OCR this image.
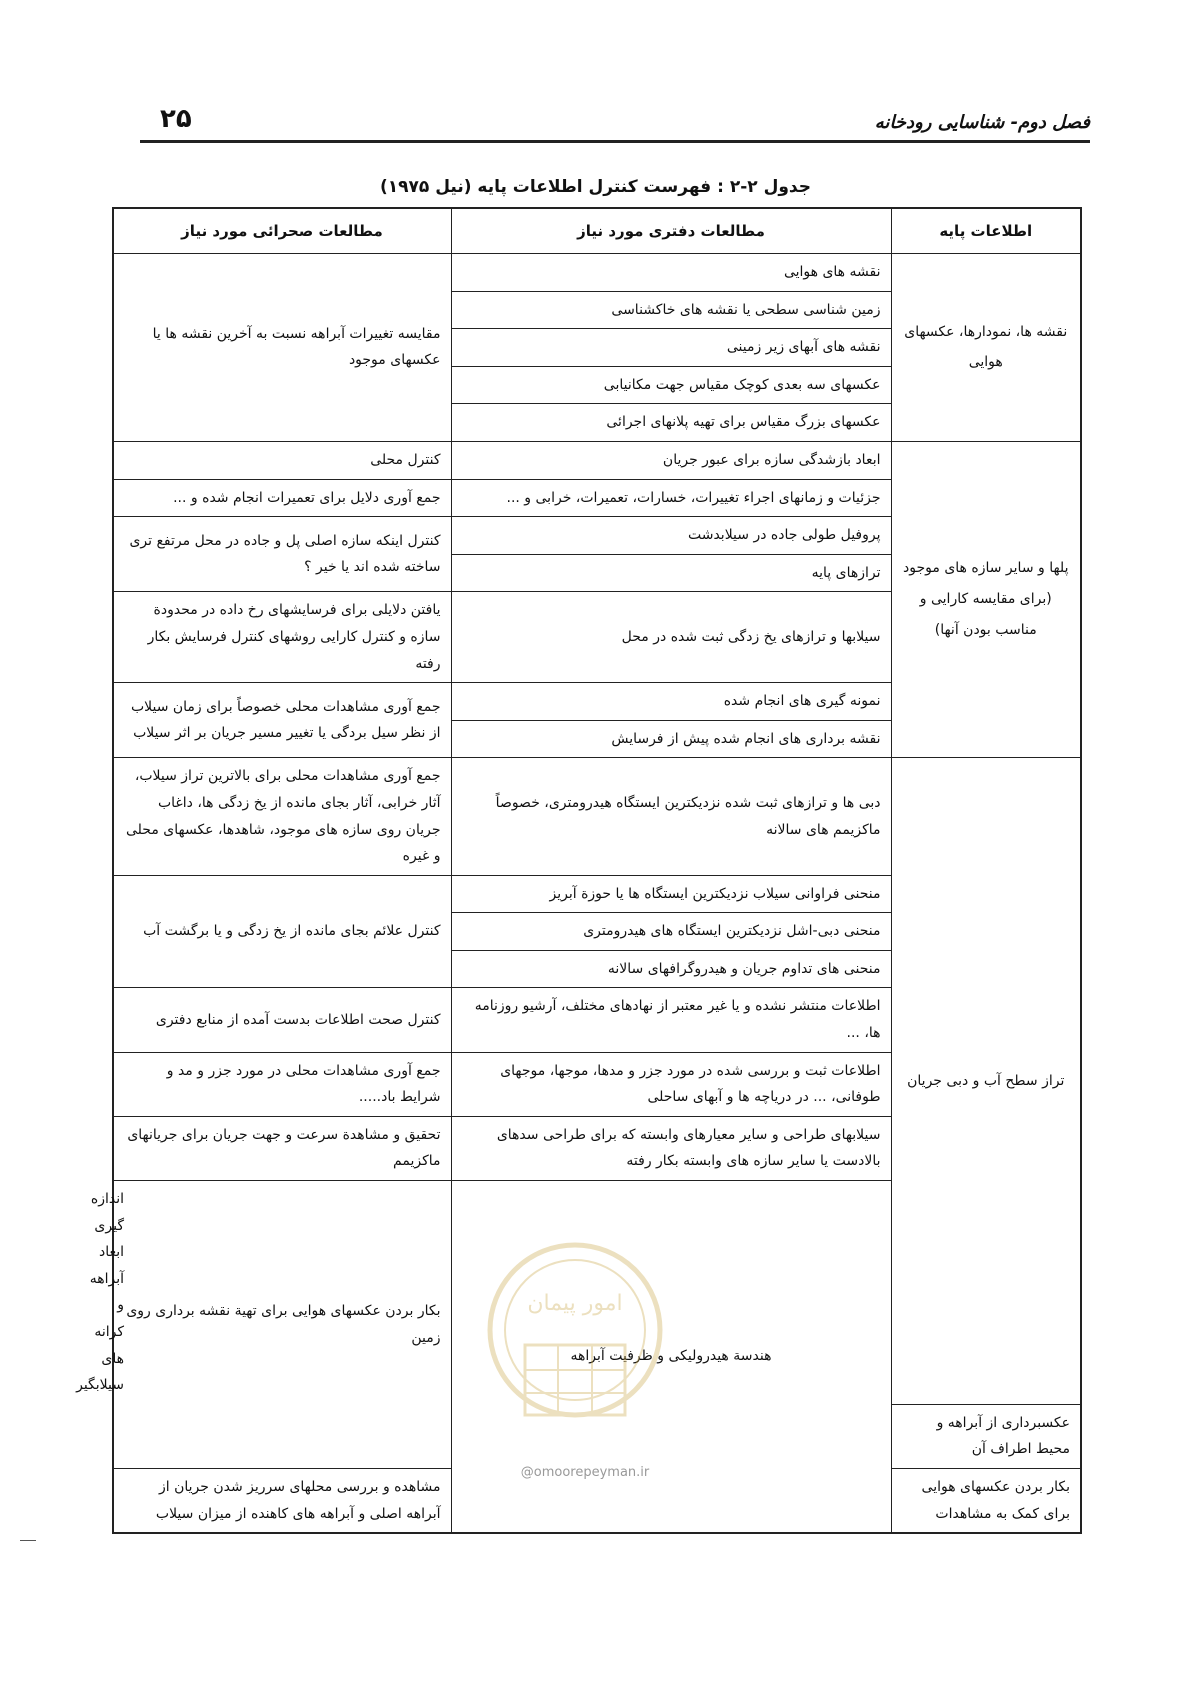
فصل دوم- شناسایی رودخانه
۲۵
جدول ۲-۲ : فهرست کنترل اطلاعات پایه (نیل ۱۹۷۵)
اطلاعات پایه	مطالعات دفتری مورد نیاز	مطالعات صحرائی مورد نیاز	
نقشه ها، نمودارها، عکسهای هوایی	نقشه های هوایی	مقایسه تغییرات آبراهه نسبت به آخرین نقشه ها یا عکسهای موجود	
	زمین شناسی سطحی یا نقشه های خاکشناسی		
	نقشه های آبهای زیر زمینی		
	عکسهای سه بعدی کوچک مقیاس جهت مکانیابی		
	عکسهای بزرگ مقیاس برای تهیه پلانهای اجرائی		
پلها و سایر سازه های موجود (برای مقایسه کارایی و مناسب بودن آنها)	ابعاد بازشدگی سازه برای عبور جریان	کنترل محلی	
	جزئیات و زمانهای اجراء تغییرات، خسارات، تعمیرات، خرابی و ...	جمع آوری دلایل برای تعمیرات انجام شده و ...	
	پروفیل طولی جاده در سیلابدشت	کنترل اینکه سازه اصلی پل و جاده در محل مرتفع تری ساخته شده اند یا خیر ؟	
	ترازهای پایه		
	سیلابها و ترازهای یخ زدگی ثبت شده در محل	یافتن دلایلی برای فرسایشهای رخ داده در محدودة سازه و کنترل کارایی روشهای کنترل فرسایش بکار رفته	
	نمونه گیری های انجام شده	جمع آوری مشاهدات محلی خصوصاً برای زمان سیلاب از نظر سیل بردگی یا تغییر مسیر جریان بر اثر سیلاب	
	نقشه برداری های انجام شده پیش از فرسایش		
تراز سطح آب و دبی جریان	دبی ها و ترازهای ثبت شده نزدیکترین ایستگاه هیدرومتری، خصوصاً ماکزیمم های سالانه	جمع آوری مشاهدات محلی برای بالاترین تراز سیلاب، آثار خرابی، آثار بجای مانده از یخ زدگی ها، داغاب جریان روی سازه های موجود، شاهدها، عکسهای محلی و غیره	
	منحنی فراوانی سیلاب نزدیکترین ایستگاه ها یا حوزة آبریز	کنترل علائم بجای مانده از یخ زدگی و یا برگشت آب	
	منحنی دبی-اشل نزدیکترین ایستگاه های هیدرومتری		
	منحنی های تداوم جریان و هیدروگرافهای سالانه		
	اطلاعات منتشر نشده و یا غیر معتبر از نهادهای مختلف، آرشیو روزنامه ها، ...	کنترل صحت اطلاعات بدست آمده از منابع دفتری	
	اطلاعات ثبت و بررسی شده در مورد جزر و مدها، موجها، موجهای طوفانی، ... در دریاچه ها و آبهای ساحلی	جمع آوری مشاهدات محلی در مورد جزر و مد و شرایط باد.....	
	سیلابهای طراحی و سایر معیارهای وابسته که برای طراحی سدهای بالادست یا سایر سازه های وابسته بکار رفته	تحقیق و مشاهدة سرعت و جهت جریان برای جریانهای ماکزیمم	
	هندسة هیدرولیکی و ظرفیت آبراهه	بکار بردن عکسهای هوایی برای تهیة نقشه برداری روی زمین	اندازه گیری ابعاد آبراهه و کرانه های سیلابگیر
عکسبرداری از آبراهه و محیط اطراف آن			
بکار بردن عکسهای هوایی برای کمک به مشاهدات		مشاهده و بررسی محلهای سرریز شدن جریان از آبراهه اصلی و آبراهه های کاهنده از میزان سیلاب	
امور پیمان
@omoorepeyman.ir
